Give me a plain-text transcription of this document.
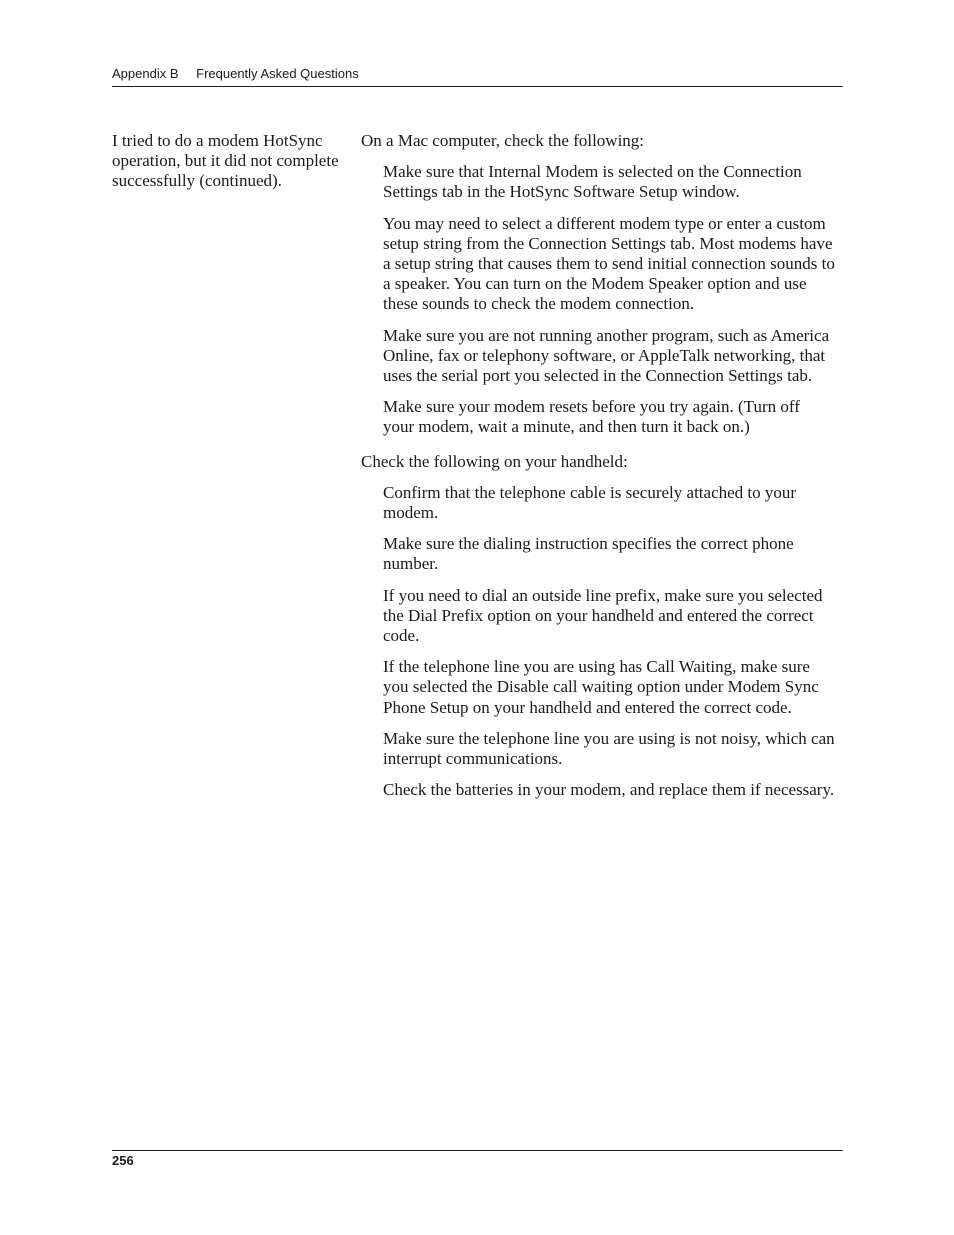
Appendix B Frequently Asked Questions
I tried to do a modem HotSync operation, but it did not complete successfully (continued).

On a Mac computer, check the following:

Make sure that Internal Modem is selected on the Connection Settings tab in the HotSync Software Setup window.

You may need to select a different modem type or enter a custom setup string from the Connection Settings tab. Most modems have a setup string that causes them to send initial connection sounds to a speaker. You can turn on the Modem Speaker option and use these sounds to check the modem connection.

Make sure you are not running another program, such as America Online, fax or telephony software, or AppleTalk networking, that uses the serial port you selected in the Connection Settings tab.

Make sure your modem resets before you try again. (Turn off your modem, wait a minute, and then turn it back on.)

Check the following on your handheld:

Confirm that the telephone cable is securely attached to your modem.

Make sure the dialing instruction specifies the correct phone number.

If you need to dial an outside line prefix, make sure you selected the Dial Prefix option on your handheld and entered the correct code.

If the telephone line you are using has Call Waiting, make sure you selected the Disable call waiting option under Modem Sync Phone Setup on your handheld and entered the correct code.

Make sure the telephone line you are using is not noisy, which can interrupt communications.

Check the batteries in your modem, and replace them if necessary.

256
